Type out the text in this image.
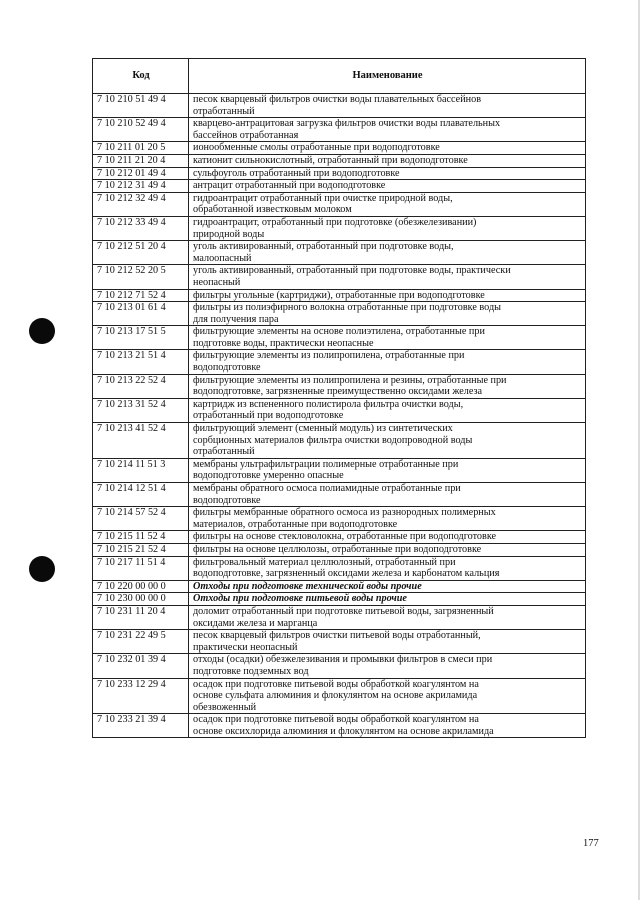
Код	Наименование
7 10 210 51 49 4	песок кварцевый фильтров очистки воды плавательных бассейнов
отработанный

7 10 210 52 49 4	кварцево-антрацитовая загрузка фильтров очистки воды плавательных
бассейнов отработанная

7 10 211 01 20 5	ионообменные смолы отработанные при водоподготовке

7 10 211 21 20 4	катионит сильнокислотный, отработанный при водоподготовке

7 10 212 01 49 4	сульфоуголь отработанный при водоподготовке

7 10 212 31 49 4	антрацит отработанный при водоподготовке

7 10 212 32 49 4	гидроантрацит отработанный при очистке природной воды,
обработанной известковым молоком

7 10 212 33 49 4	гидроантрацит, отработанный при подготовке (обезжелезивании)
природной воды

7 10 212 51 20 4	уголь активированный, отработанный при подготовке воды,
малоопасный

7 10 212 52 20 5	уголь активированный, отработанный при подготовке воды, практически
неопасный

7 10 212 71 52 4	фильтры угольные (картриджи), отработанные при водоподготовке

7 10 213 01 61 4	фильтры из полиэфирного волокна отработанные при подготовке воды
для получения пара

7 10 213 17 51 5	фильтрующие элементы на основе полиэтилена, отработанные при
подготовке воды, практически неопасные

7 10 213 21 51 4	фильтрующие элементы из полипропилена, отработанные при
водоподготовке

7 10 213 22 52 4	фильтрующие элементы из полипропилена и резины, отработанные при
водоподготовке, загрязненные преимущественно оксидами железа

7 10 213 31 52 4	картридж из вспененного полистирола фильтра очистки воды,
отработанный при водоподготовке

7 10 213 41 52 4	фильтрующий элемент (сменный модуль) из синтетических
сорбционных материалов фильтра очистки водопроводной воды
отработанный

7 10 214 11 51 3	мембраны ультрафильтрации полимерные отработанные при
водоподготовке умеренно опасные

7 10 214 12 51 4	мембраны обратного осмоса полиамидные отработанные при
водоподготовке

7 10 214 57 52 4	фильтры мембранные обратного осмоса из разнородных полимерных
материалов, отработанные при водоподготовке

7 10 215 11 52 4	фильтры на основе стекловолокна, отработанные при водоподготовке

7 10 215 21 52 4	фильтры на основе целлюлозы, отработанные при водоподготовке

7 10 217 11 51 4	фильтровальный материал целлюлозный, отработанный при
водоподготовке, загрязненный оксидами железа и карбонатом кальция

7 10 220 00 00 0	Отходы при подготовке технической воды прочие

7 10 230 00 00 0	Отходы при подготовке питьевой воды прочие

7 10 231 11 20 4	доломит отработанный при подготовке питьевой воды, загрязненный
оксидами железа и марганца

7 10 231 22 49 5	песок кварцевый фильтров очистки питьевой воды отработанный,
практически неопасный

7 10 232 01 39 4	отходы (осадки) обезжелезивания и промывки фильтров в смеси при
подготовке подземных вод

7 10 233 12 29 4	осадок при подготовке питьевой воды обработкой коагулянтом на
основе сульфата алюминия и флокулянтом на основе акриламида
обезвоженный

7 10 233 21 39 4	осадок при подготовке питьевой воды обработкой коагулянтом на
основе оксихлорида алюминия и флокулянтом на основе акриламида
177
